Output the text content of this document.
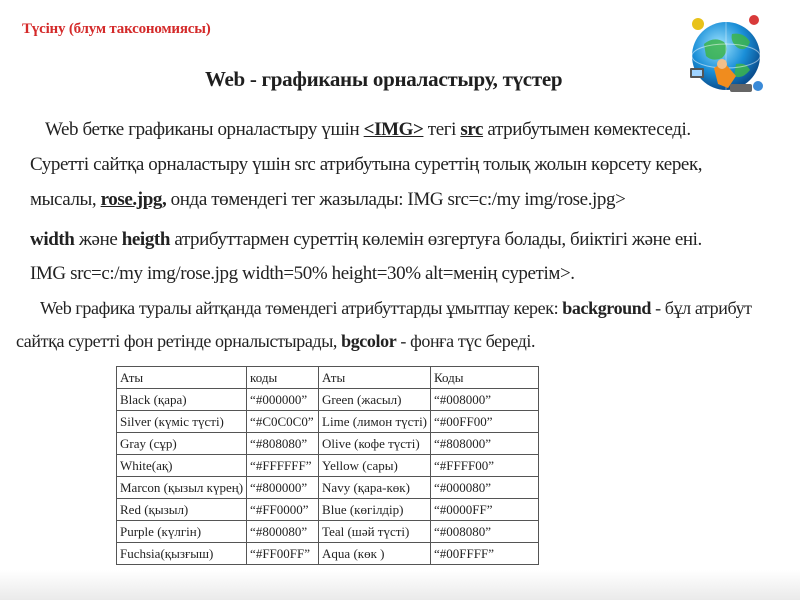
Түсіну (блум таксономиясы)
Web - графиканы орналастыру, түстер
Web бетке графиканы орналастыру үшін <IMG> тегі src атрибутымен көмектеседі.
Суретті сайтқа орналастыру үшін src атрибутына суреттің толық жолын көрсету керек,
мысалы, rose.jpg, онда төмендегі тег жазылады: IMG src=c:/my img/rose.jpg>
width және heigth атрибуттармен суреттің көлемін өзгертуға болады, биіктігі және ені.
IMG src=c:/my img/rose.jpg width=50% height=30% alt=менің суретім>.
Web графика туралы айтқанда төмендегі атрибуттарды ұмытпау керек: background - бұл атрибут
сайтқа суретті фон ретінде орналыстырады, bgcolor - фонға түс береді.
Аты	коды	Аты	Коды
Black (қара)	“#000000”	Green (жасыл)	“#008000”
Silver (күміс түсті)	“#C0C0C0”	Lime (лимон түсті)	“#00FF00”
Gray (сұр)	“#808080”	Olive (кофе түсті)	“#808000”
White(ақ)	“#FFFFFF”	Yellow (сары)	“#FFFF00”
Marcon (қызыл күрең)	“#800000”	Navy (қара-көк)	“#000080”
Red (қызыл)	“#FF0000”	Blue (көгілдір)	“#0000FF”
Purple (күлгін)	“#800080”	Teal (шәй түсті)	“#008080”
Fuchsia(қызғыш)	“#FF00FF”	Aqua (көк )	“#00FFFF”
